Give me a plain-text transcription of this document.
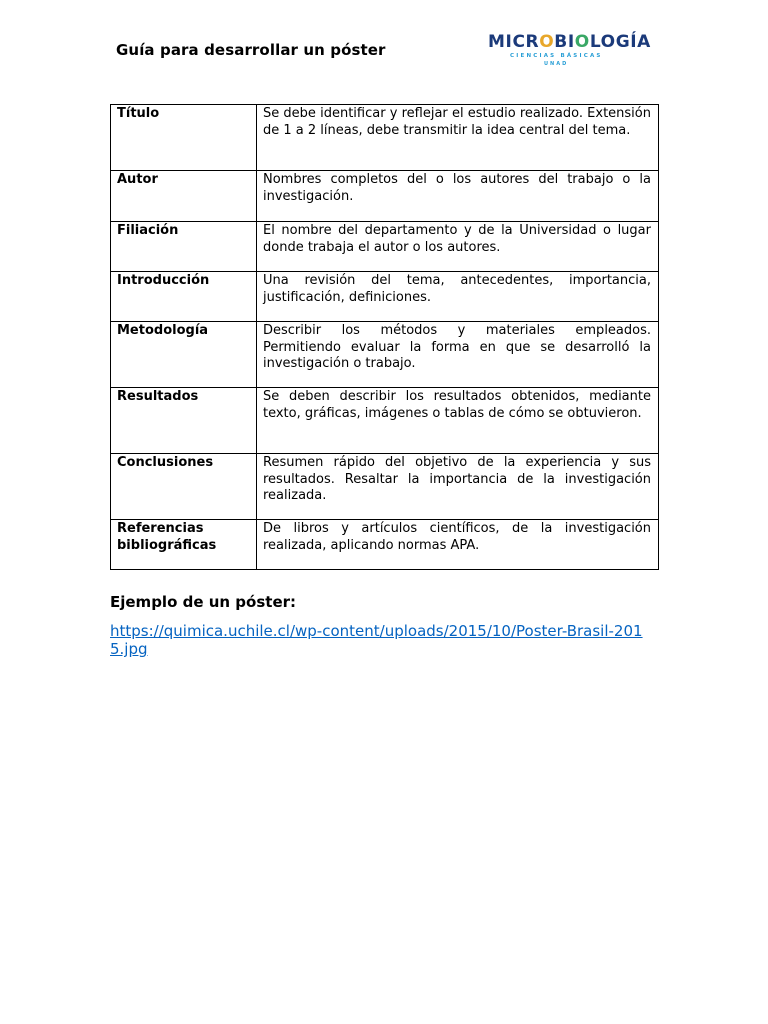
Guía para desarrollar un póster	MICROBIOLOGÍA
CIENCIAS BÁSICAS
UNAD
Título	Se debe identificar y reflejar el estudio realizado. Extensión de 1 a 2 líneas, debe transmitir la idea central del tema.
Autor	Nombres completos del o los autores del trabajo o la investigación.
Filiación	El nombre del departamento y de la Universidad o lugar donde trabaja el autor o los autores.
Introducción	Una revisión del tema, antecedentes, importancia, justificación, definiciones.
Metodología	Describir los métodos y materiales empleados. Permitiendo evaluar la forma en que se desarrolló la investigación o trabajo.
Resultados	Se deben describir los resultados obtenidos, mediante texto, gráficas, imágenes o tablas de cómo se obtuvieron.
Conclusiones	Resumen rápido del objetivo de la experiencia y sus resultados. Resaltar la importancia de la investigación realizada.
Referencias bibliográficas	De libros y artículos científicos, de la investigación realizada, aplicando normas APA.
Ejemplo de un póster:
https://quimica.uchile.cl/wp-content/uploads/2015/10/Poster-Brasil-2015.jpg
